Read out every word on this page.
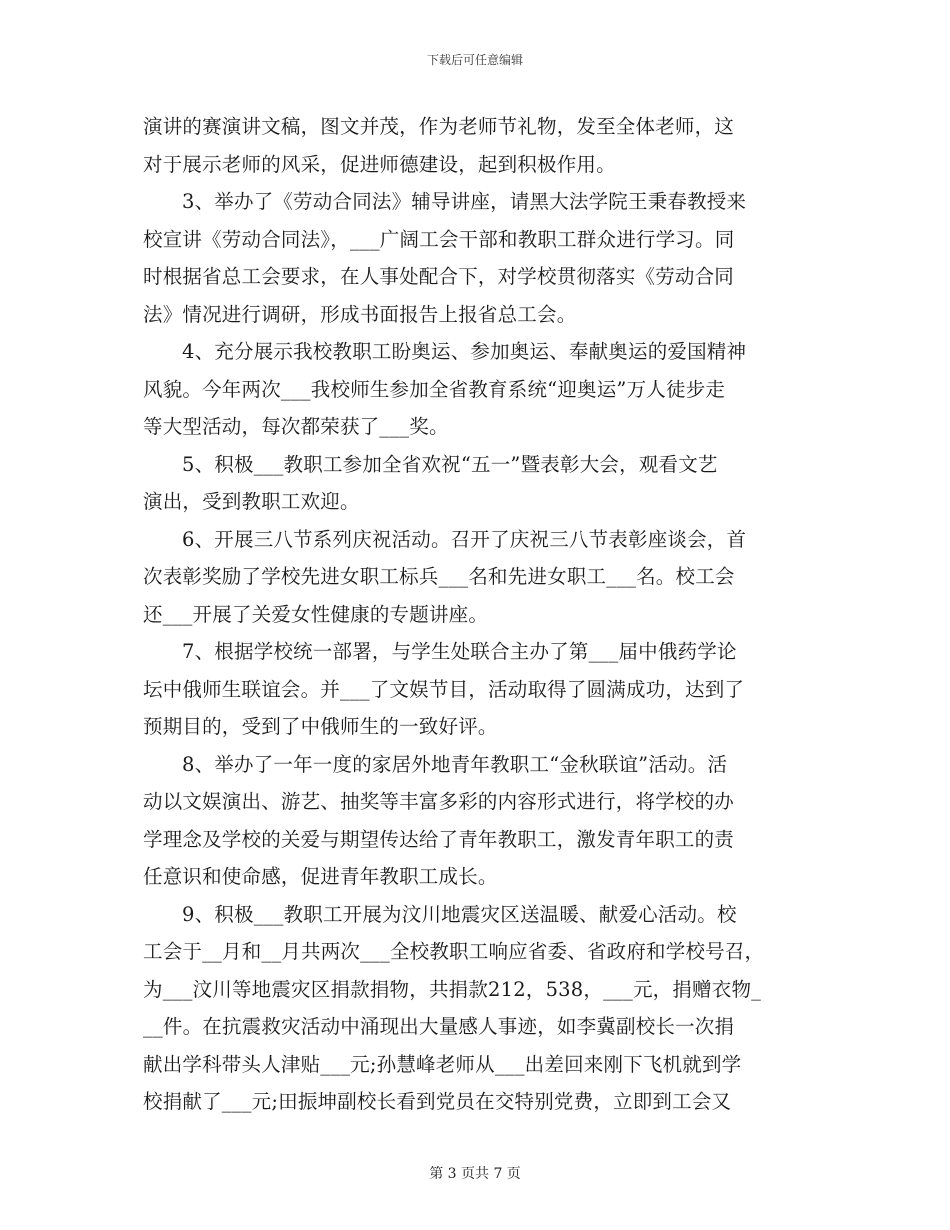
下载后可任意编辑

演讲的赛演讲文稿，图文并茂，作为老师节礼物，发至全体老师，这
对于展示老师的风采，促进师德建设，起到积极作用。

3、举办了《劳动合同法》辅导讲座，请黑大法学院王秉春教授来
校宣讲《劳动合同法》，___广阔工会干部和教职工群众进行学习。同
时根据省总工会要求，在人事处配合下，对学校贯彻落实《劳动合同
法》情况进行调研，形成书面报告上报省总工会。

4、充分展示我校教职工盼奥运、参加奥运、奉献奥运的爱国精神
风貌。今年两次___我校师生参加全省教育系统“迎奥运”万人徒步走
等大型活动，每次都荣获了___奖。

5、积极___教职工参加全省欢祝“五一”暨表彰大会，观看文艺
演出，受到教职工欢迎。

6、开展三八节系列庆祝活动。召开了庆祝三八节表彰座谈会，首
次表彰奖励了学校先进女职工标兵___名和先进女职工___名。校工会
还___开展了关爱女性健康的专题讲座。

7、根据学校统一部署，与学生处联合主办了第___届中俄药学论
坛中俄师生联谊会。并___了文娱节目，活动取得了圆满成功，达到了
预期目的，受到了中俄师生的一致好评。

8、举办了一年一度的家居外地青年教职工“金秋联谊”活动。活
动以文娱演出、游艺、抽奖等丰富多彩的内容形式进行，将学校的办
学理念及学校的关爱与期望传达给了青年教职工，激发青年职工的责
任意识和使命感，促进青年教职工成长。

9、积极___教职工开展为汶川地震灾区送温暖、献爱心活动。校
工会于__月和__月共两次___全校教职工响应省委、省政府和学校号召，
为___汶川等地震灾区捐款捐物，共捐款212，538，___元，捐赠衣物_
__件。在抗震救灾活动中涌现出大量感人事迹，如李冀副校长一次捐
献出学科带头人津贴___元;孙慧峰老师从___出差回来刚下飞机就到学
校捐献了___元;田振坤副校长看到党员在交特别党费，立即到工会又

第 3 页共 7 页
